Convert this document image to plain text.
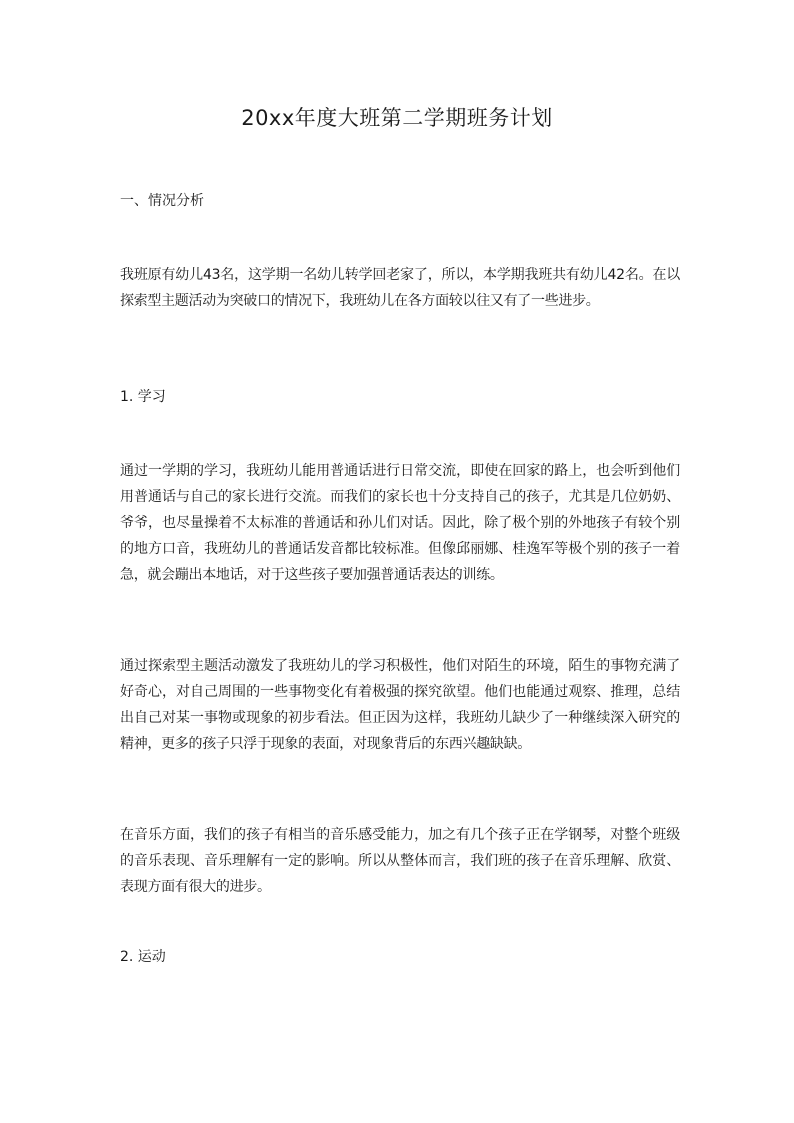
20xx年度大班第二学期班务计划

一、情况分析

我班原有幼儿43名，这学期一名幼儿转学回老家了，所以，本学期我班共有幼儿42名。在以探索型主题活动为突破口的情况下，我班幼儿在各方面较以往又有了一些进步。

1. 学习

通过一学期的学习，我班幼儿能用普通话进行日常交流，即使在回家的路上，也会听到他们用普通话与自己的家长进行交流。而我们的家长也十分支持自己的孩子，尤其是几位奶奶、爷爷，也尽量操着不太标准的普通话和孙儿们对话。因此，除了极个别的外地孩子有较个别的地方口音，我班幼儿的普通话发音都比较标准。但像邱丽娜、桂逸军等极个别的孩子一着急，就会蹦出本地话，对于这些孩子要加强普通话表达的训练。

通过探索型主题活动激发了我班幼儿的学习积极性，他们对陌生的环境，陌生的事物充满了好奇心，对自己周围的一些事物变化有着极强的探究欲望。他们也能通过观察、推理，总结出自己对某一事物或现象的初步看法。但正因为这样，我班幼儿缺少了一种继续深入研究的精神，更多的孩子只浮于现象的表面，对现象背后的东西兴趣缺缺。

在音乐方面，我们的孩子有相当的音乐感受能力，加之有几个孩子正在学钢琴，对整个班级的音乐表现、音乐理解有一定的影响。所以从整体而言，我们班的孩子在音乐理解、欣赏、表现方面有很大的进步。

2. 运动
